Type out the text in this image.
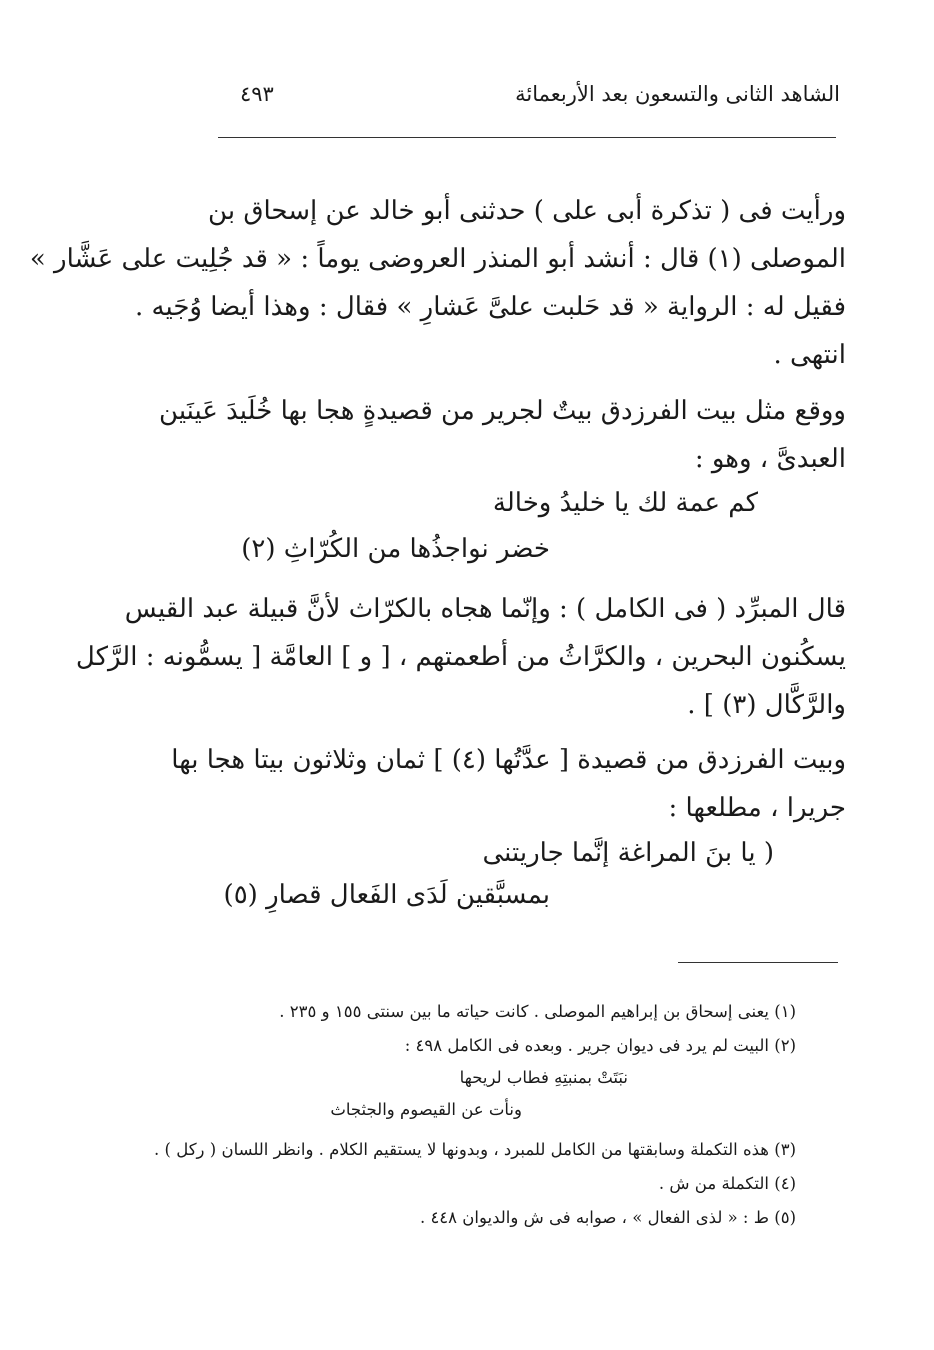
الشاهد الثانى والتسعون بعد الأربعمائة
٤٩٣
ورأيت فى ( تذكرة أبى على ) حدثنى أبو خالد عن إسحاق بن
الموصلى (١) قال : أنشد أبو المنذر العروضى يوماً : « قد جُلِيت على عَشَّار »
فقيل له : الرواية « قد حَلبت علىَّ عَشارِ » فقال : وهذا أيضا وُجَيه .
انتهى .
ووقع مثل بيت الفرزدق بيتٌ لجرير من قصيدةٍ هجا بها خُلَيدَ عَينَين
العبدىَّ ، وهو :
كم عمة لك يا خليدُ وخالة
خضر نواجذُها من الكُرّاثِ (٢)
قال المبرِّد ( فى الكامل ) : وإنّما هجاه بالكرّاث لأنَّ قبيلة عبد القيس
يسكُنون البحرين ، والكرَّاثُ من أطعمتهم ، [ و ] العامَّة [ يسمُّونه : الرَّكل
والرَّكَّال (٣) ] .
وبيت الفرزدق من قصيدة [ عدَّتُها (٤) ] ثمان وثلاثون بيتا هجا بها
جريرا ، مطلعها :
( يا بنَ المراغة إنَّما جاريتنى
بمسبَّقين لَدَى الفَعال قصارِ (٥)
(١) يعنى إسحاق بن إبراهيم الموصلى . كانت حياته ما بين سنتى ١٥٥ و ٢٣٥ .
(٢) البيت لم يرد فى ديوان جرير . وبعده فى الكامل ٤٩٨ :
نبَتَتْ بمنبتِهِ فطاب لريحها
ونأت عن القيصوم والجثجاث
(٣) هذه التكملة وسابقتها من الكامل للمبرد ، وبدونها لا يستقيم الكلام . وانظر اللسان ( ركل ) .
(٤) التكملة من ش .
(٥) ط : « لذى الفعال » ، صوابه فى ش والديوان ٤٤٨ .
